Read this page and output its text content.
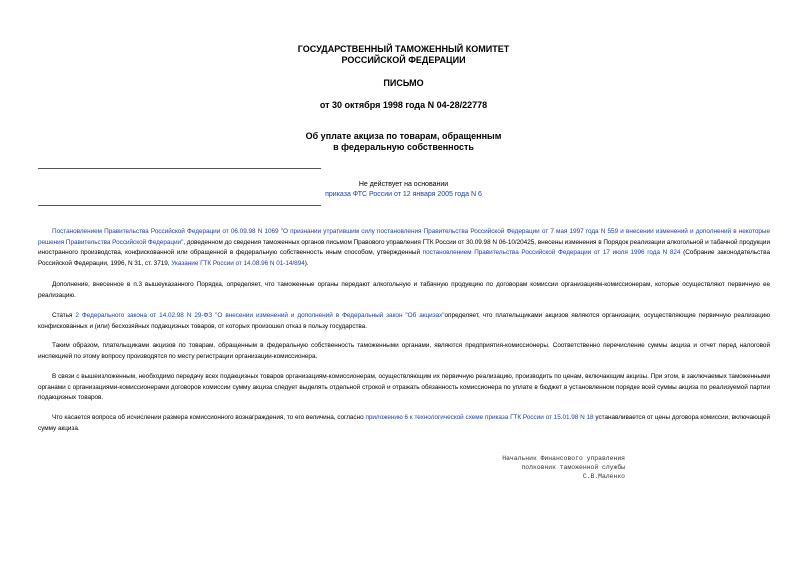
ГОСУДАРСТВЕННЫЙ ТАМОЖЕННЫЙ КОМИТЕТ
РОССИЙСКОЙ ФЕДЕРАЦИИ
ПИСЬМО
от 30 октября 1998 года N 04-28/22778
Об уплате акциза по товарам, обращенным
в федеральную собственность
Не действует на основании
приказа ФТС России от 12 января 2005 года N 6
Постановлением Правительства Российской Федерации от 06.09.98 N 1069 "О признании утратившим силу постановления Правительства Российской Федерации от 7 мая 1997 года N 559 и внесении изменений и дополнений в некоторые решения Правительства Российской Федерации", доведенном до сведения таможенных органов письмом Правового управления ГТК России от 30.09.98 N 06-10/20425, внесены изменения в Порядок реализации алкогольной и табачной продукции иностранного производства, конфискованной или обращенной в федеральную собственность иным способом, утвержденный постановлением Правительства Российской Федерации от 17 июля 1996 года N 824 (Собрание законодательства Российской Федерации, 1996, N 31, ст. 3719, Указание ГТК России от 14.08.96 N 01-14/894).
Дополнение, внесенное в п.3 вышеуказанного Порядка, определяет, что таможенные органы передают алкогольную и табачную продукцию по договорам комиссии организациям-комиссионерам, которые осуществляют первичную ее реализацию.
Статья 2 Федерального закона от 14.02.98 N 29-ФЗ "О внесении изменений и дополнений в Федеральный закон "Об акцизах"определяет, что плательщиками акцизов являются организации, осуществляющие первичную реализацию конфискованных и (или) бесхозяйных подакцизных товаров, от которых произошел отказ в пользу государства.
Таким образом, плательщиками акцизов по товарам, обращенным в федеральную собственность таможенными органами, являются предприятия-комиссионеры. Соответственно перечисление суммы акциза и отчет перед налоговой инспекцией по этому вопросу производятся по месту регистрации организации-комиссионера.
В связи с вышеизложенным, необходимо передачу всех подакцизных товаров организациям-комиссионерам, осуществляющим их первичную реализацию, производить по ценам, включающим акцизы. При этом, в заключаемых таможенными органами с организациями-комиссионерами договоров комиссии сумму акциза следует выделять отдельной строкой и отражать обязанность комиссионера по уплате в бюджет в установленном порядке всей суммы акциза по реализуемой партии подакцизных товаров.
Что касается вопроса об исчислении размера комиссионного вознаграждения, то его величина, согласно приложению 6 к технологической схеме приказа ГТК России от 15.01.98 N 18 устанавливается от цены договора комиссии, включающей сумму акциза.
Начальник Финансового управления
полковник таможенной службы
С.В.Маленко
